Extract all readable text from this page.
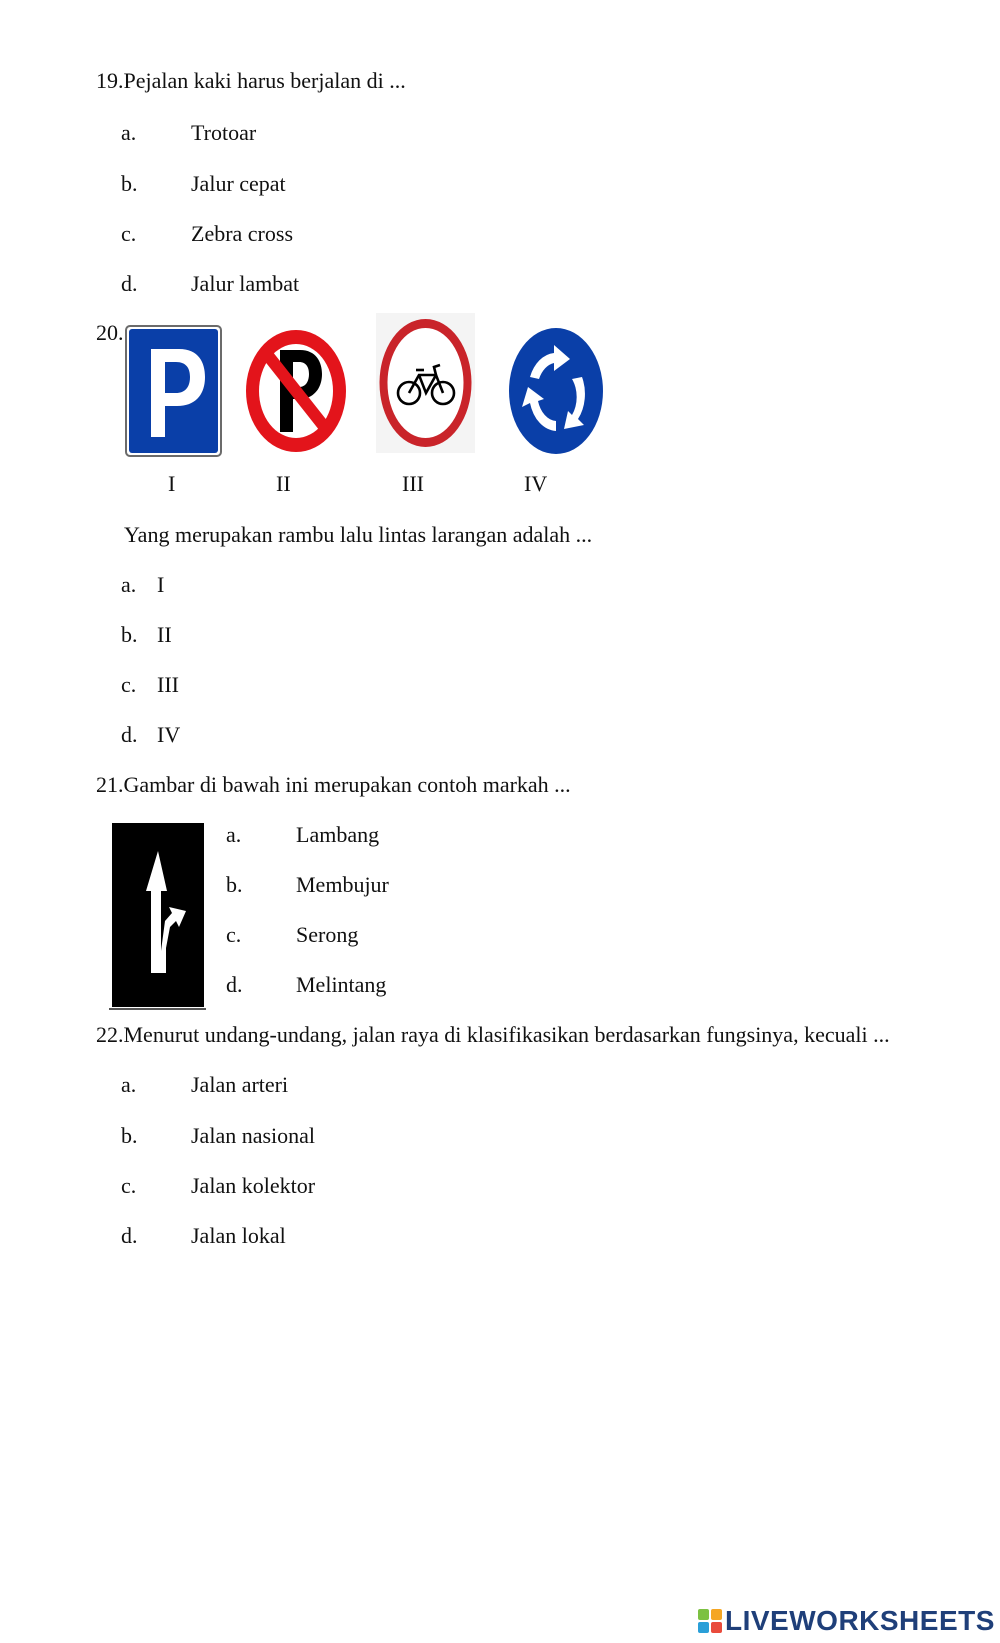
19.Pejalan kaki harus berjalan di ...
a. Trotoar
b. Jalur cepat
c. Zebra cross
d. Jalur lambat
20.
I	II	III	IV
Yang merupakan rambu lalu lintas larangan adalah ...
a. I
b. II
c. III
d. IV
21.Gambar di bawah ini merupakan contoh markah ...
a. Lambang
b. Membujur
c. Serong
d. Melintang
22.Menurut undang-undang, jalan raya di klasifikasikan berdasarkan fungsinya, kecuali ...
a. Jalan arteri
b. Jalan nasional
c. Jalan kolektor
d. Jalan lokal
LIVEWORKSHEETS
